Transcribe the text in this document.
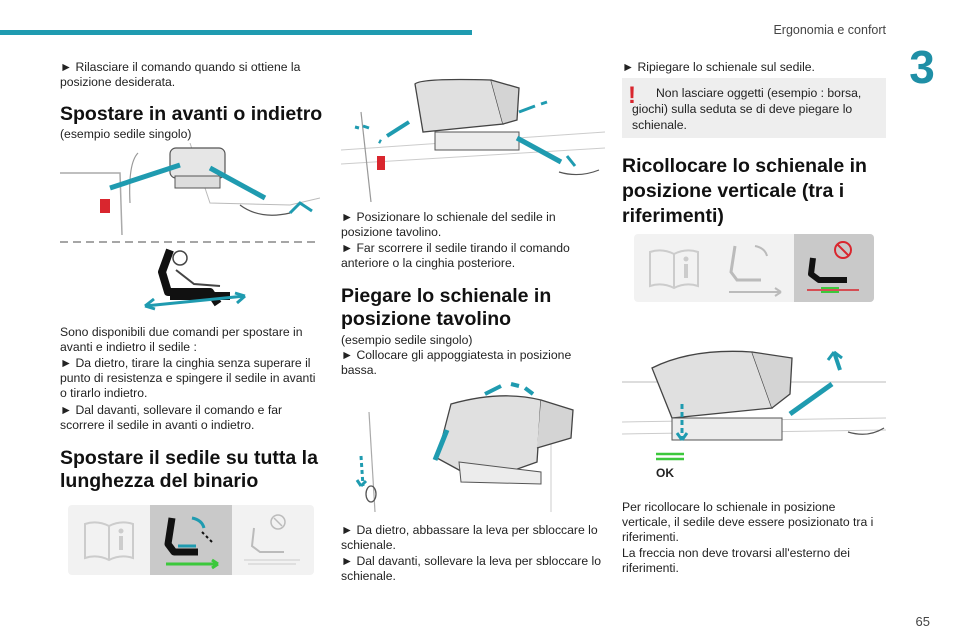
Ergonomia e confort
3
65
► Rilasciare il comando quando si ottiene la posizione desiderata.
Spostare in avanti o indietro
(esempio sedile singolo)
Sono disponibili due comandi per spostare in avanti e indietro il sedile :
► Da dietro, tirare la cinghia senza superare il punto di resistenza e spingere il sedile in avanti o tirarlo indietro.
► Dal davanti, sollevare il comando e far scorrere il sedile in avanti o indietro.
Spostare il sedile su tutta la lunghezza del binario
► Posizionare lo schienale del sedile in posizione tavolino.
► Far scorrere il sedile tirando il comando anteriore o la cinghia posteriore.
Piegare lo schienale in posizione tavolino
(esempio sedile singolo)
► Collocare gli appoggiatesta in posizione bassa.
► Da dietro, abbassare la leva per sbloccare lo schienale.
► Dal davanti, sollevare la leva per sbloccare lo schienale.
► Ripiegare lo schienale sul sedile.
!	Non lasciare oggetti (esempio : borsa, giochi) sulla seduta se di deve piegare lo schienale.
Ricollocare lo schienale in posizione verticale (tra i riferimenti)
OK
Per ricollocare lo schienale in posizione verticale, il sedile deve essere posizionato tra i riferimenti.
La freccia non deve trovarsi all'esterno dei riferimenti.
